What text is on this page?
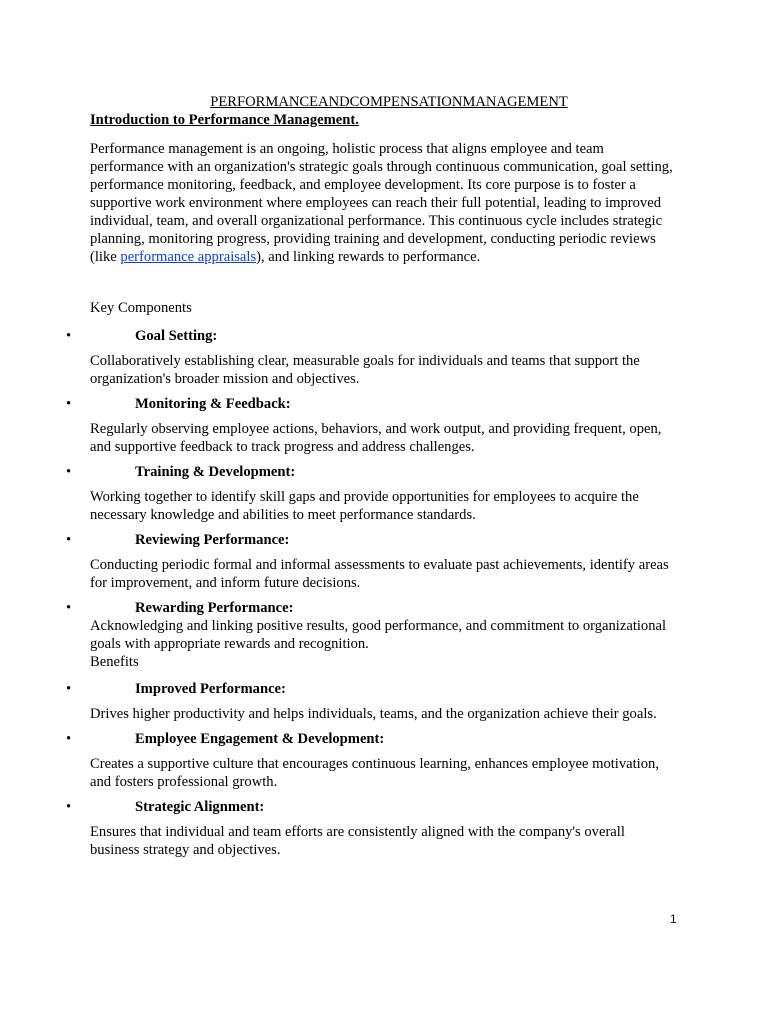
PERFORMANCEANDCOMPENSATIONMANAGEMENT

Introduction to Performance Management.

Performance management is an ongoing, holistic process that aligns employee and team performance with an organization's strategic goals through continuous communication, goal setting, performance monitoring, feedback, and employee development. Its core purpose is to foster a supportive work environment where employees can reach their full potential, leading to improved individual, team, and overall organizational performance. This continuous cycle includes strategic planning, monitoring progress, providing training and development, conducting periodic reviews (like performance appraisals), and linking rewards to performance.

Key Components

•	Goal Setting:

Collaboratively establishing clear, measurable goals for individuals and teams that support the organization's broader mission and objectives.

•	Monitoring & Feedback:

Regularly observing employee actions, behaviors, and work output, and providing frequent, open, and supportive feedback to track progress and address challenges.

•	Training & Development:

Working together to identify skill gaps and provide opportunities for employees to acquire the necessary knowledge and abilities to meet performance standards.

•	Reviewing Performance:

Conducting periodic formal and informal assessments to evaluate past achievements, identify areas for improvement, and inform future decisions.

•	Rewarding Performance:

Acknowledging and linking positive results, good performance, and commitment to organizational goals with appropriate rewards and recognition.

Benefits

•	Improved Performance:

Drives higher productivity and helps individuals, teams, and the organization achieve their goals.

•	Employee Engagement & Development:

Creates a supportive culture that encourages continuous learning, enhances employee motivation, and fosters professional growth.

•	Strategic Alignment:

Ensures that individual and team efforts are consistently aligned with the company's overall business strategy and objectives.

1
